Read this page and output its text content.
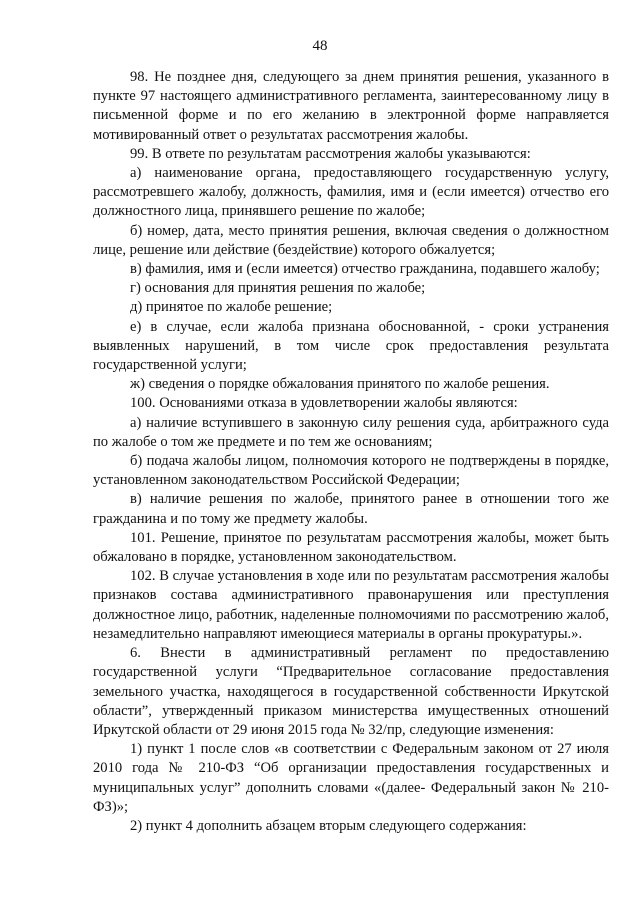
48

98. Не позднее дня, следующего за днем принятия решения, указанного в пункте 97 настоящего административного регламента, заинтересованному лицу в письменной форме и по его желанию в электронной форме направляется мотивированный ответ о результатах рассмотрения жалобы.

99. В ответе по результатам рассмотрения жалобы указываются:

а) наименование органа, предоставляющего государственную услугу, рассмотревшего жалобу, должность, фамилия, имя и (если имеется) отчество его должностного лица, принявшего решение по жалобе;

б) номер, дата, место принятия решения, включая сведения о должностном лице, решение или действие (бездействие) которого обжалуется;

в) фамилия, имя и (если имеется) отчество гражданина, подавшего жалобу;

г) основания для принятия решения по жалобе;

д) принятое по жалобе решение;

е) в случае, если жалоба признана обоснованной, - сроки устранения выявленных нарушений, в том числе срок предоставления результата государственной услуги;

ж) сведения о порядке обжалования принятого по жалобе решения.

100. Основаниями отказа в удовлетворении жалобы являются:

а) наличие вступившего в законную силу решения суда, арбитражного суда по жалобе о том же предмете и по тем же основаниям;

б) подача жалобы лицом, полномочия которого не подтверждены в порядке, установленном законодательством Российской Федерации;

в) наличие решения по жалобе, принятого ранее в отношении того же гражданина и по тому же предмету жалобы.

101. Решение, принятое по результатам рассмотрения жалобы, может быть обжаловано в порядке, установленном законодательством.

102. В случае установления в ходе или по результатам рассмотрения жалобы признаков состава административного правонарушения или преступления должностное лицо, работник, наделенные полномочиями по рассмотрению жалоб, незамедлительно направляют имеющиеся материалы в органы прокуратуры.».

6. Внести в административный регламент по предоставлению государственной услуги “Предварительное согласование предоставления земельного участка, находящегося в государственной собственности Иркутской области”, утвержденный приказом министерства имущественных отношений Иркутской области от 29 июня 2015 года № 32/пр, следующие изменения:

1) пункт 1 после слов «в соответствии с Федеральным законом от 27 июля 2010 года № 210-ФЗ “Об организации предоставления государственных и муниципальных услуг” дополнить словами «(далее- Федеральный закон № 210-ФЗ)»;

2) пункт 4 дополнить абзацем вторым следующего содержания:
